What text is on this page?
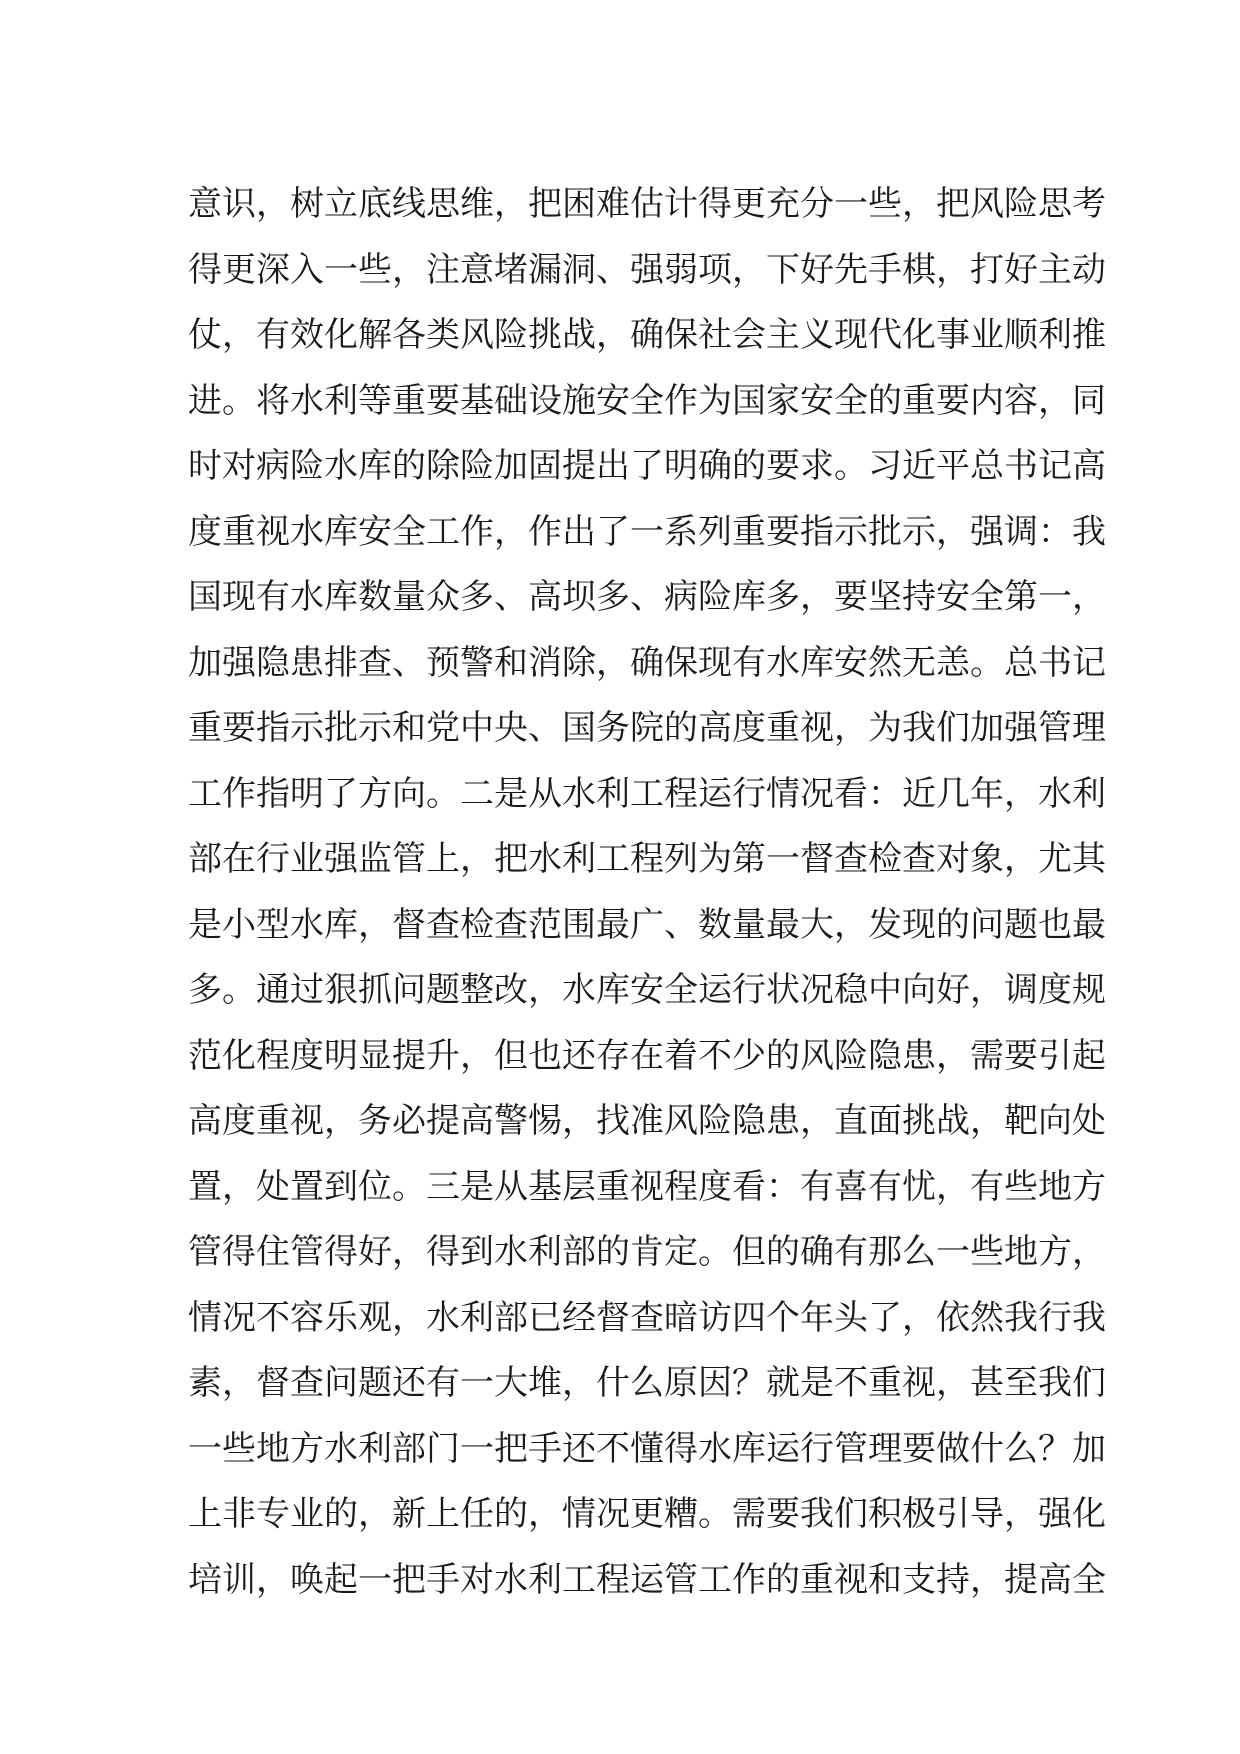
意识，树立底线思维，把困难估计得更充分一些，把风险思考
得更深入一些，注意堵漏洞、强弱项，下好先手棋，打好主动
仗，有效化解各类风险挑战，确保社会主义现代化事业顺利推
进。将水利等重要基础设施安全作为国家安全的重要内容，同
时对病险水库的除险加固提出了明确的要求。习近平总书记高
度重视水库安全工作，作出了一系列重要指示批示，强调：我
国现有水库数量众多、高坝多、病险库多，要坚持安全第一，
加强隐患排查、预警和消除，确保现有水库安然无恙。总书记
重要指示批示和党中央、国务院的高度重视，为我们加强管理
工作指明了方向。二是从水利工程运行情况看：近几年，水利
部在行业强监管上，把水利工程列为第一督查检查对象，尤其
是小型水库，督查检查范围最广、数量最大，发现的问题也最
多。通过狠抓问题整改，水库安全运行状况稳中向好，调度规
范化程度明显提升，但也还存在着不少的风险隐患，需要引起
高度重视，务必提高警惕，找准风险隐患，直面挑战，靶向处
置，处置到位。三是从基层重视程度看：有喜有忧，有些地方
管得住管得好，得到水利部的肯定。但的确有那么一些地方，
情况不容乐观，水利部已经督查暗访四个年头了，依然我行我
素，督查问题还有一大堆，什么原因？就是不重视，甚至我们
一些地方水利部门一把手还不懂得水库运行管理要做什么？加
上非专业的，新上任的，情况更糟。需要我们积极引导，强化
培训，唤起一把手对水利工程运管工作的重视和支持，提高全
